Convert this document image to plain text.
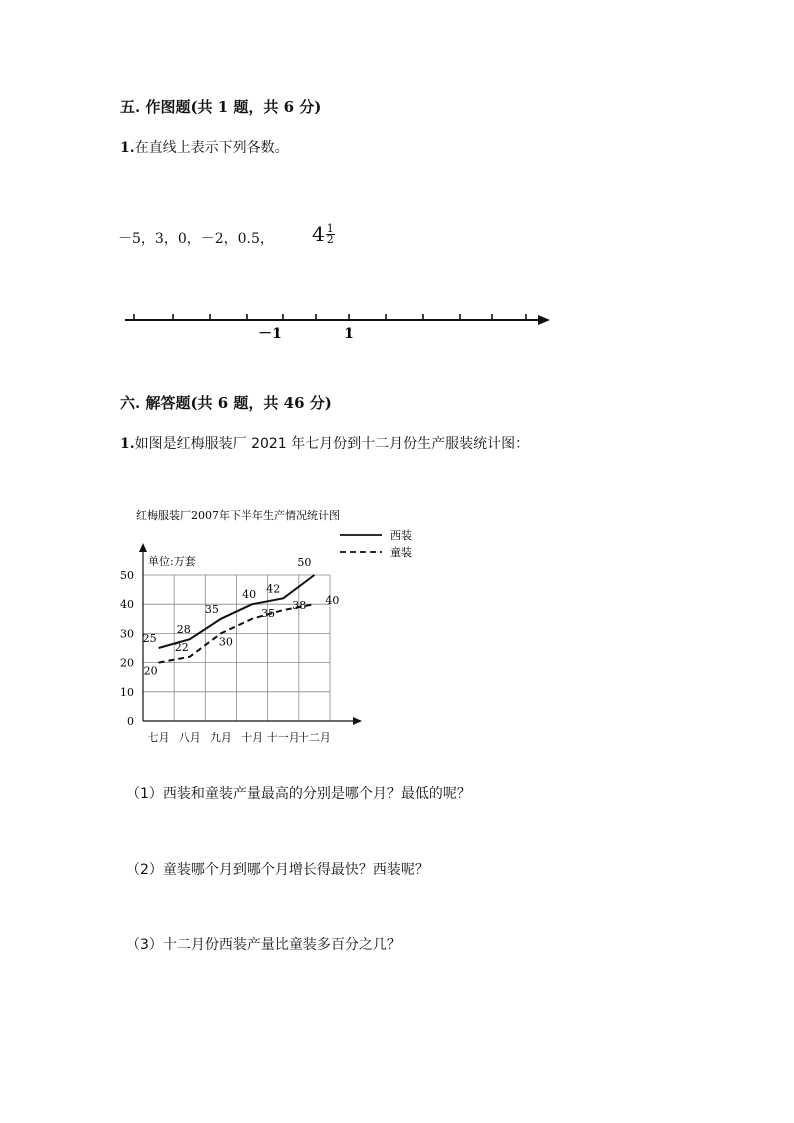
五. 作图题(共 1 题，共 6 分)
1.在直线上表示下列各数。
－5，3，0，－2，0.5， $4 \frac{1}{2}$
－1	1
六. 解答题(共 6 题，共 46 分)
1.如图是红梅服装厂 2021 年七月份到十二月份生产服装统计图：
红梅服装厂2007年下半年生产情况统计图
单位:万套
0
10
20
30
40
50
七月 八月 九月 十月 十一月
十二月
25
28
35
40 42
50
20
22	30
35
38 40
西装
童装
（1）西装和童装产量最高的分别是哪个月？最低的呢？
（2）童装哪个月到哪个月增长得最快？西装呢？
（3）十二月份西装产量比童装多百分之几？
